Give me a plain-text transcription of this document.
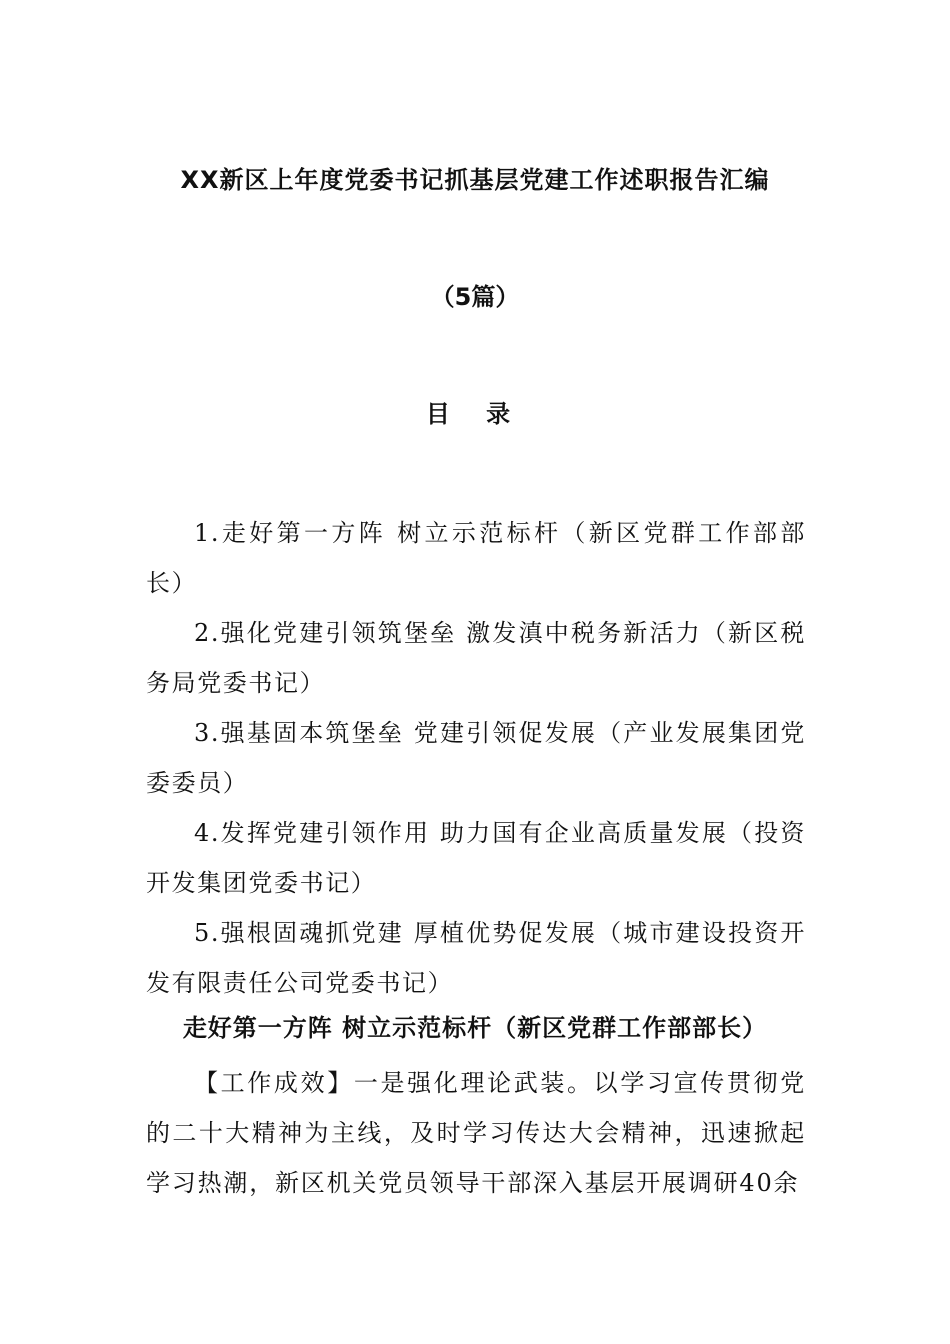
XX新区上年度党委书记抓基层党建工作述职报告汇编
（5篇）
目 录
1.走好第一方阵 树立示范标杆（新区党群工作部部长）
2.强化党建引领筑堡垒 激发滇中税务新活力（新区税务局党委书记）
3.强基固本筑堡垒 党建引领促发展（产业发展集团党委委员）
4.发挥党建引领作用 助力国有企业高质量发展（投资开发集团党委书记）
5.强根固魂抓党建 厚植优势促发展（城市建设投资开发有限责任公司党委书记）
走好第一方阵 树立示范标杆（新区党群工作部部长）

【工作成效】一是强化理论武装。以学习宣传贯彻党的二十大精神为主线，及时学习传达大会精神，迅速掀起学习热潮，新区机关党员领导干部深入基层开展调研40余
